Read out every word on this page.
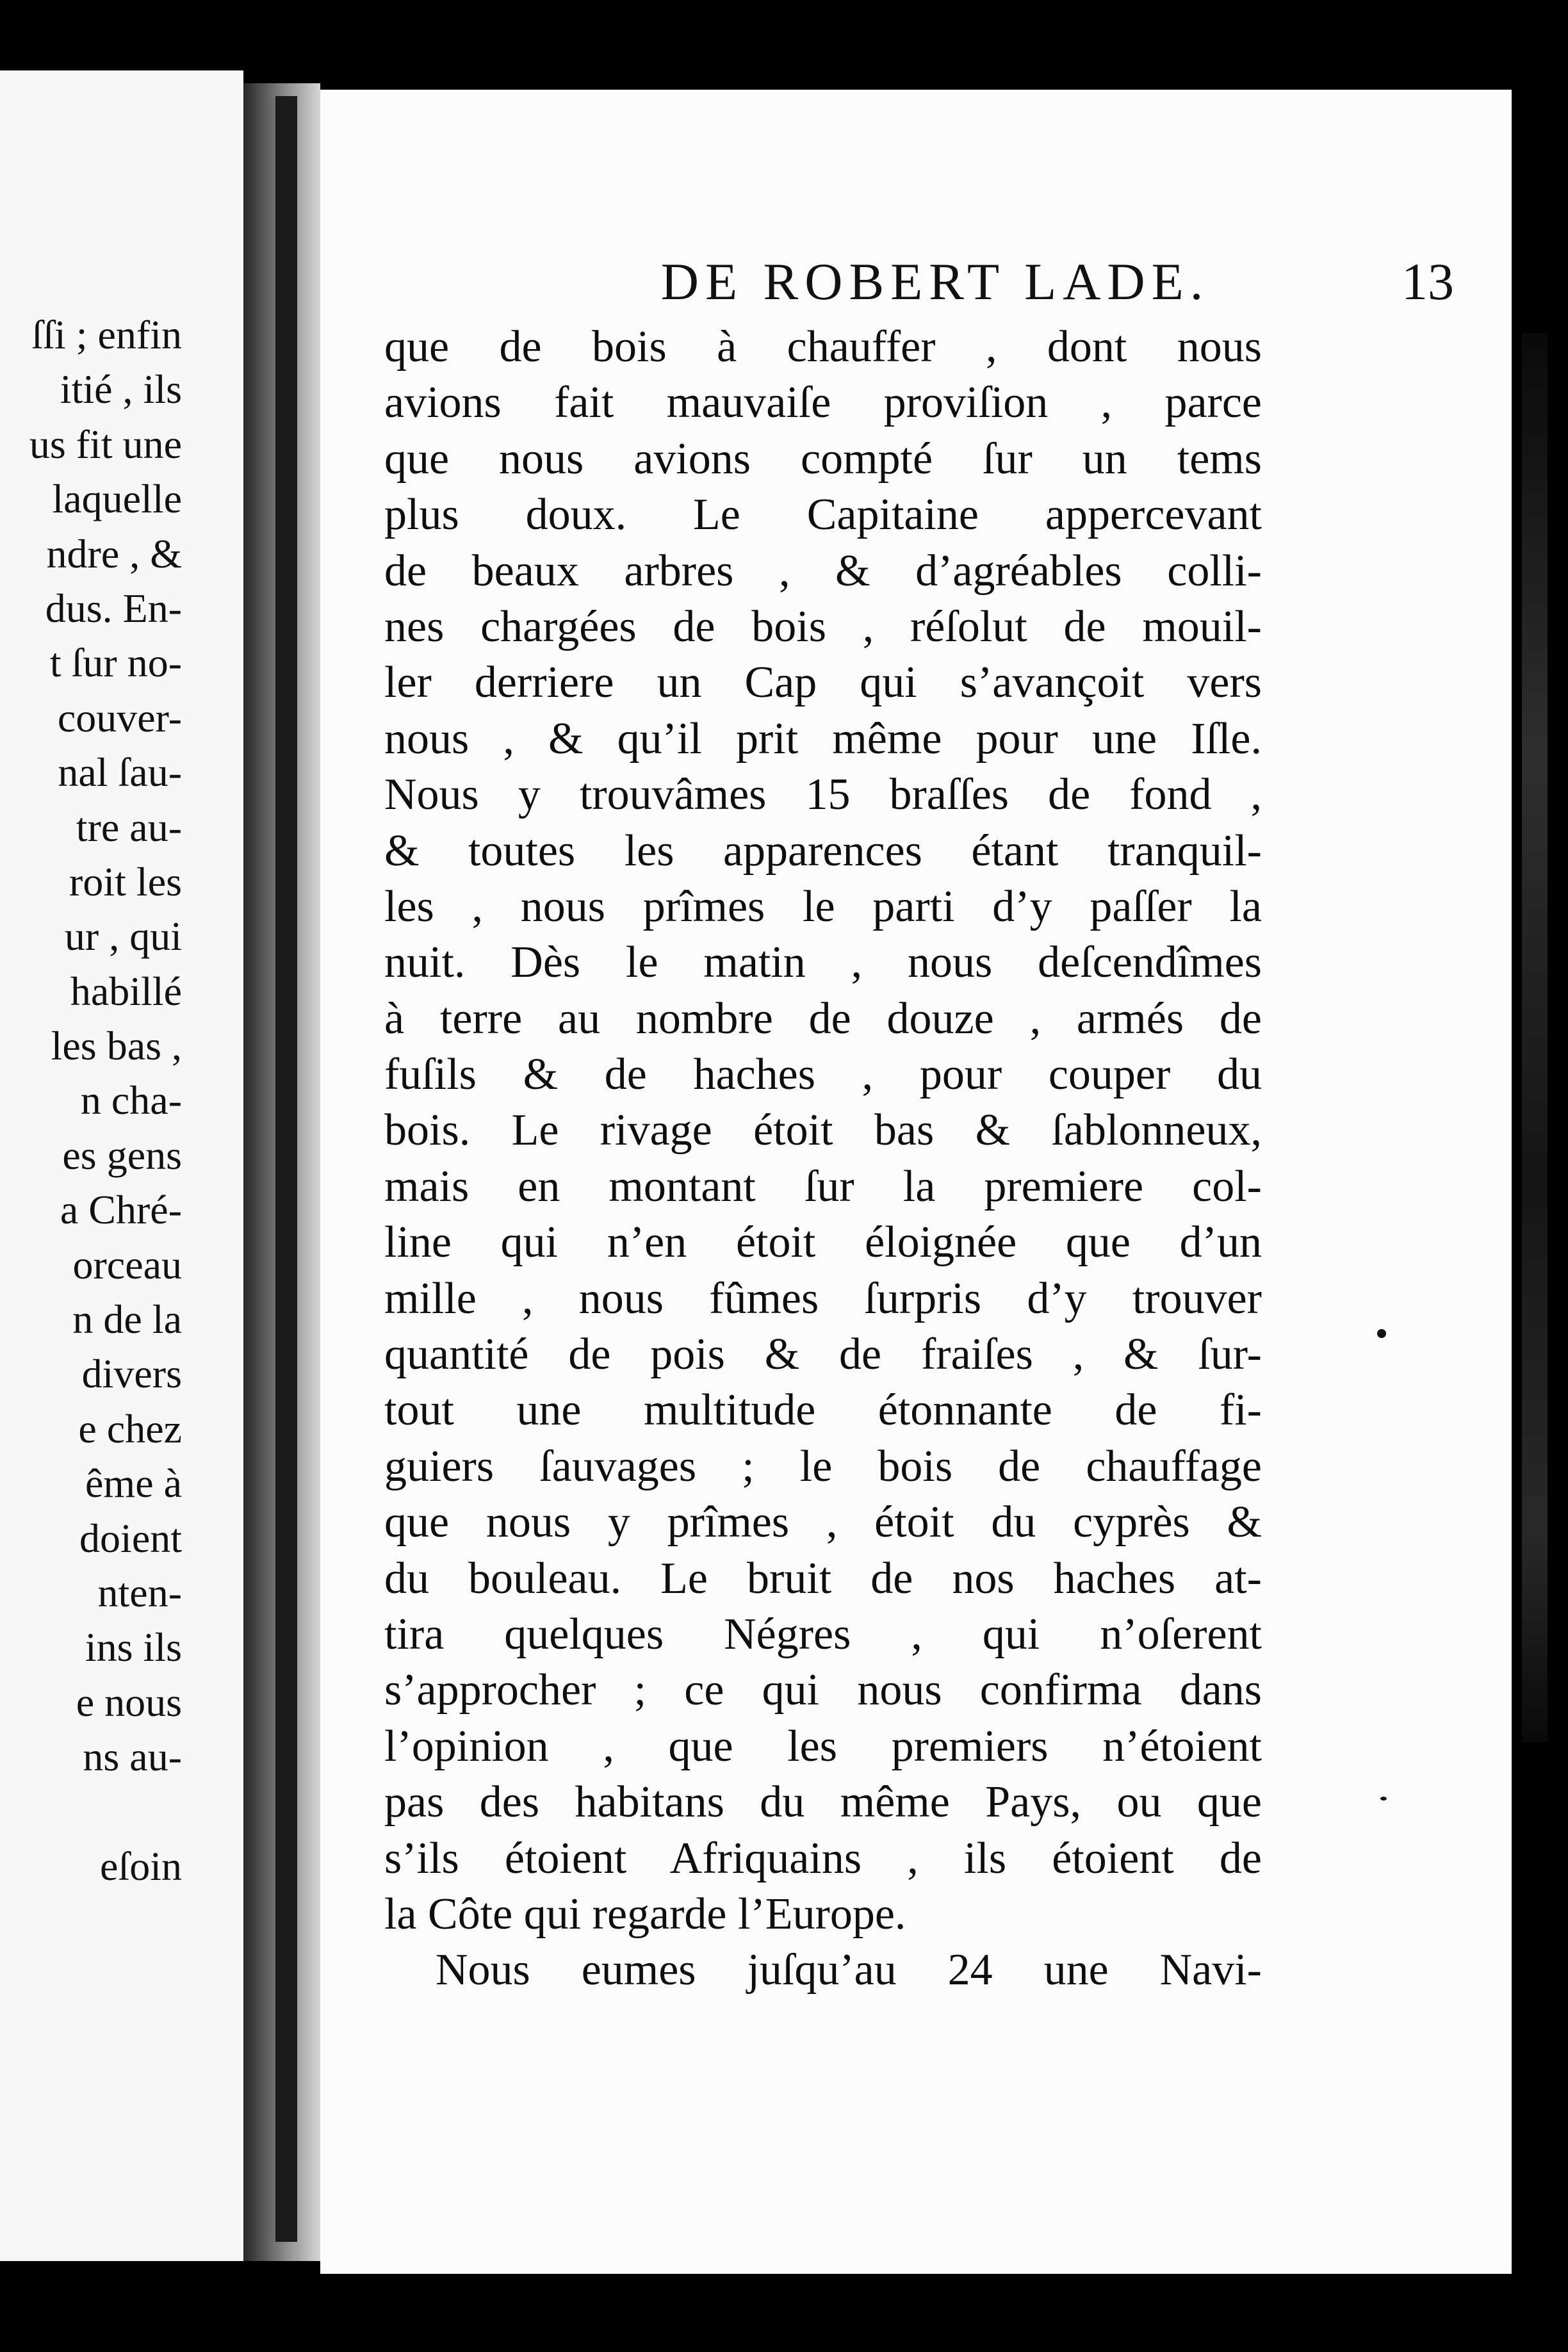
ſſi ; enfin
itié , ils
us fit une
laquelle
ndre , &
dus. En-
t ſur no-
couver-
nal ſau-
tre au-
roit les
ur , qui
habillé
les bas ,
n cha-
es gens
a Chré-
orceau
n de la
divers
e chez
ême à
doient
nten-
ins ils
e nous
ns au-
eſoin
DE ROBERT LADE.	13
que de bois à chauffer , dont nous
avions fait mauvaiſe proviſion , parce
que nous avions compté ſur un tems
plus doux. Le Capitaine appercevant
de beaux arbres , & d’agréables colli-
nes chargées de bois , réſolut de mouil-
ler derriere un Cap qui s’avançoit vers
nous , & qu’il prit même pour une Iſle.
Nous y trouvâmes 15 braſſes de fond ,
& toutes les apparences étant tranquil-
les , nous prîmes le parti d’y paſſer la
nuit. Dès le matin , nous deſcendîmes
à terre au nombre de douze , armés de
fuſils & de haches , pour couper du
bois. Le rivage étoit bas & ſablonneux,
mais en montant ſur la premiere col-
line qui n’en étoit éloignée que d’un
mille , nous fûmes ſurpris d’y trouver
quantité de pois & de fraiſes , & ſur-
tout une multitude étonnante de fi-
guiers ſauvages ; le bois de chauffage
que nous y prîmes , étoit du cyprès &
du bouleau. Le bruit de nos haches at-
tira quelques Négres , qui n’oſerent
s’approcher ; ce qui nous confirma dans
l’opinion , que les premiers n’étoient
pas des habitans du même Pays, ou que
s’ils étoient Afriquains , ils étoient de
la Côte qui regarde l’Europe.
Nous eumes juſqu’au 24 une Navi-
